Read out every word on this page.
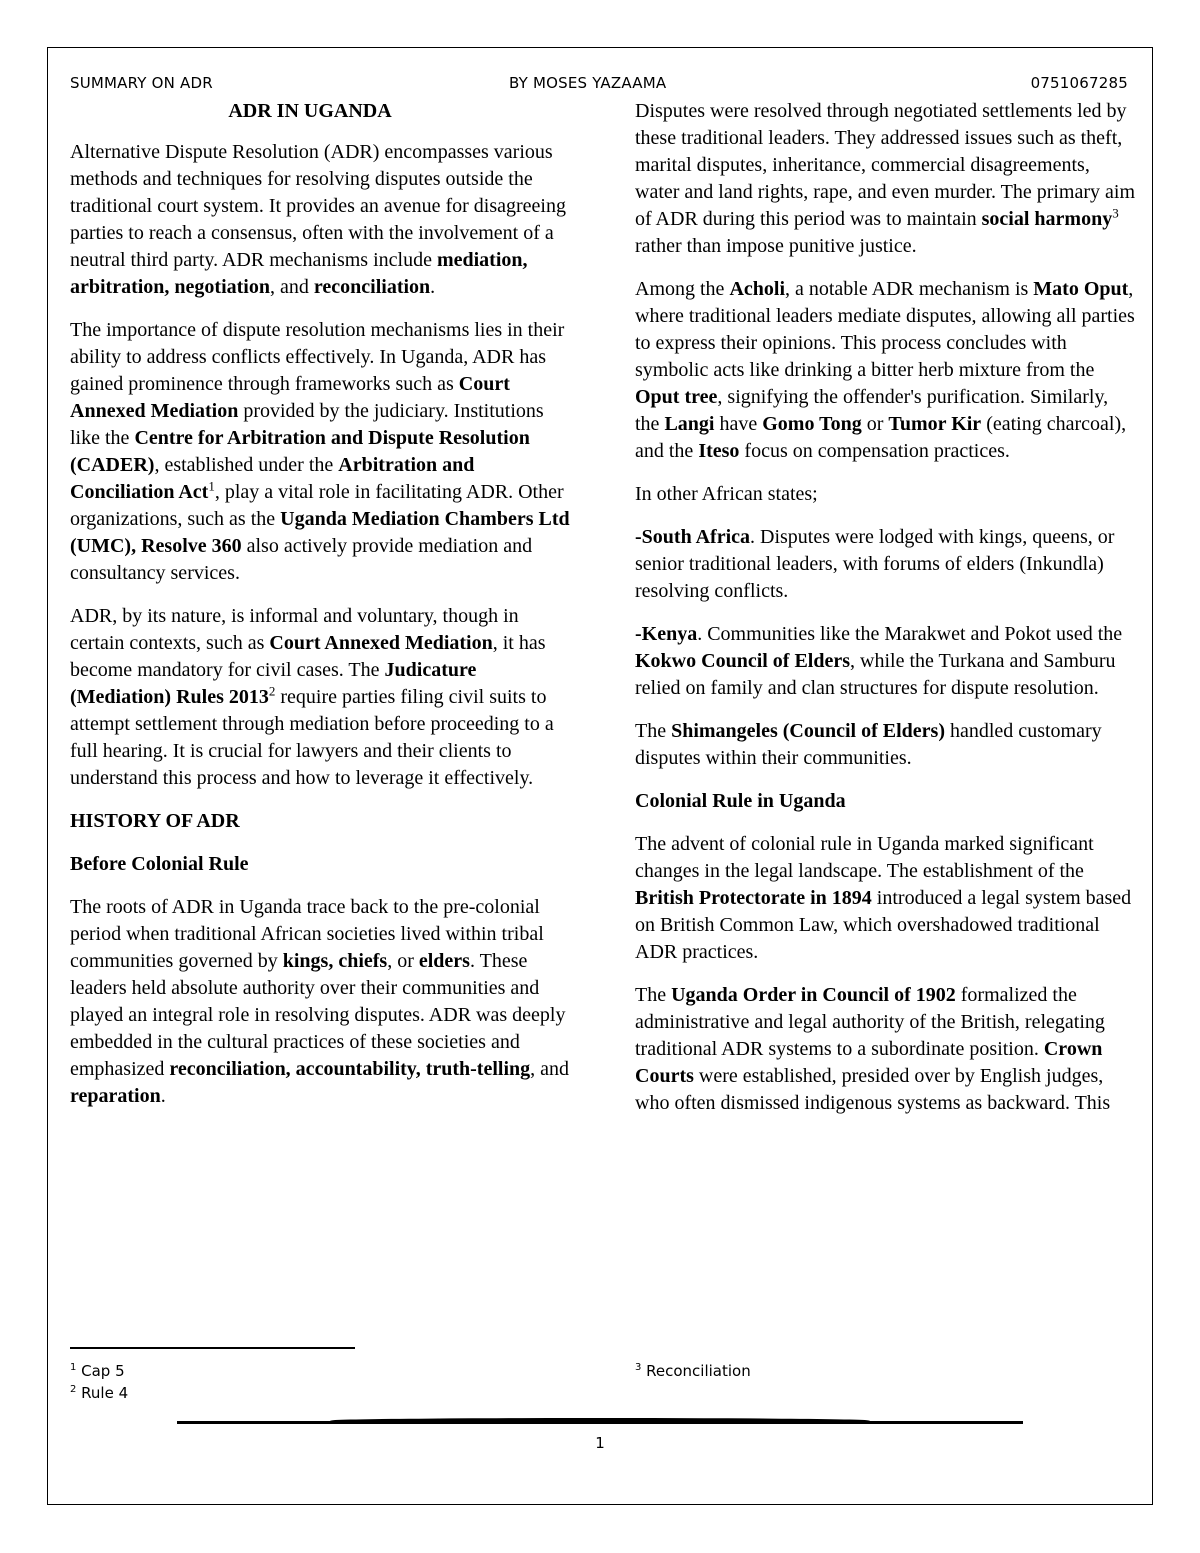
SUMMARY ON ADR	BY MOSES YAZAAMA	0751067285
ADR IN UGANDA

Alternative Dispute Resolution (ADR) encompasses various methods and techniques for resolving disputes outside the traditional court system. It provides an avenue for disagreeing parties to reach a consensus, often with the involvement of a neutral third party. ADR mechanisms include mediation, arbitration, negotiation, and reconciliation.

The importance of dispute resolution mechanisms lies in their ability to address conflicts effectively. In Uganda, ADR has gained prominence through frameworks such as Court Annexed Mediation provided by the judiciary. Institutions like the Centre for Arbitration and Dispute Resolution (CADER), established under the Arbitration and Conciliation Act$^1$, play a vital role in facilitating ADR. Other organizations, such as the Uganda Mediation Chambers Ltd (UMC), Resolve 360 also actively provide mediation and consultancy services.

ADR, by its nature, is informal and voluntary, though in certain contexts, such as Court Annexed Mediation, it has become mandatory for civil cases. The Judicature (Mediation) Rules 2013$^2$ require parties filing civil suits to attempt settlement through mediation before proceeding to a full hearing. It is crucial for lawyers and their clients to understand this process and how to leverage it effectively.

HISTORY OF ADR
Before Colonial Rule

The roots of ADR in Uganda trace back to the pre-colonial period when traditional African societies lived within tribal communities governed by kings, chiefs, or elders. These leaders held absolute authority over their communities and played an integral role in resolving disputes. ADR was deeply embedded in the cultural practices of these societies and emphasized reconciliation, accountability, truth-telling, and reparation.

Disputes were resolved through negotiated settlements led by these traditional leaders. They addressed issues such as theft, marital disputes, inheritance, commercial disagreements, water and land rights, rape, and even murder. The primary aim of ADR during this period was to maintain social harmony$^3$ rather than impose punitive justice.

Among the Acholi, a notable ADR mechanism is Mato Oput, where traditional leaders mediate disputes, allowing all parties to express their opinions. This process concludes with symbolic acts like drinking a bitter herb mixture from the Oput tree, signifying the offender's purification. Similarly, the Langi have Gomo Tong or Tumor Kir (eating charcoal), and the Iteso focus on compensation practices.

In other African states;

-South Africa. Disputes were lodged with kings, queens, or senior traditional leaders, with forums of elders (Inkundla) resolving conflicts.

-Kenya. Communities like the Marakwet and Pokot used the Kokwo Council of Elders, while the Turkana and Samburu relied on family and clan structures for dispute resolution.

The Shimangeles (Council of Elders) handled customary disputes within their communities.

Colonial Rule in Uganda

The advent of colonial rule in Uganda marked significant changes in the legal landscape. The establishment of the British Protectorate in 1894 introduced a legal system based on British Common Law, which overshadowed traditional ADR practices.

The Uganda Order in Council of 1902 formalized the administrative and legal authority of the British, relegating traditional ADR systems to a subordinate position. Crown Courts were established, presided over by English judges, who often dismissed indigenous systems as backward. This

$^1$ Cap 5
$^2$ Rule 4
$^3$ Reconciliation
1
